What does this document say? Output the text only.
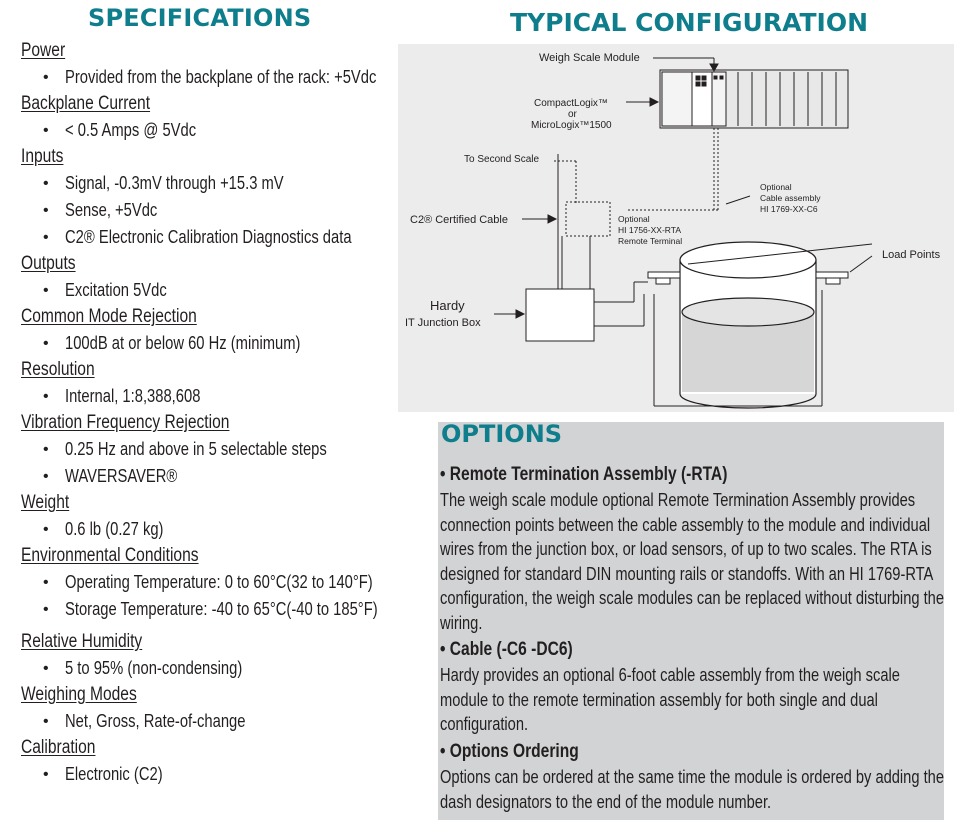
SPECIFICATIONS
Power
• Provided from the backplane of the rack: +5Vdc
Backplane Current
• < 0.5 Amps @ 5Vdc
Inputs
• Signal, -0.3mV through +15.3 mV
• Sense, +5Vdc
• C2® Electronic Calibration Diagnostics data
Outputs
• Excitation 5Vdc
Common Mode Rejection
• 100dB at or below 60 Hz (minimum)
Resolution
• Internal, 1:8,388,608
Vibration Frequency Rejection
• 0.25 Hz and above in 5 selectable steps
• WAVERSAVER®
Weight
• 0.6 lb (0.27 kg)
Environmental Conditions
• Operating Temperature: 0 to 60°C(32 to 140°F)
• Storage Temperature: -40 to 65°C(-40 to 185°F)
Relative Humidity
• 5 to 95% (non-condensing)
Weighing Modes
• Net, Gross, Rate-of-change
Calibration
• Electronic (C2)
TYPICAL CONFIGURATION
Weigh Scale Module
CompactLogix™
or
MicroLogix™1500
To Second Scale
Optional
Cable assembly
HI 1769-XX-C6
C2® Certified Cable	Optional
HI 1756-XX-RTA
Remote Terminal
Load Points
Hardy
IT Junction Box
OPTIONS
• Remote Termination Assembly (-RTA)
The weigh scale module optional Remote Termination Assembly provides connection points between the cable assembly to the module and individual wires from the junction box, or load sensors, of up to two scales. The RTA is designed for standard DIN mounting rails or standoffs. With an HI 1769-RTA configuration, the weigh scale modules can be replaced without disturbing the wiring.
• Cable (-C6 -DC6)
Hardy provides an optional 6-foot cable assembly from the weigh scale module to the remote termination assembly for both single and dual configuration.
• Options Ordering
Options can be ordered at the same time the module is ordered by adding the dash designators to the end of the module number.
